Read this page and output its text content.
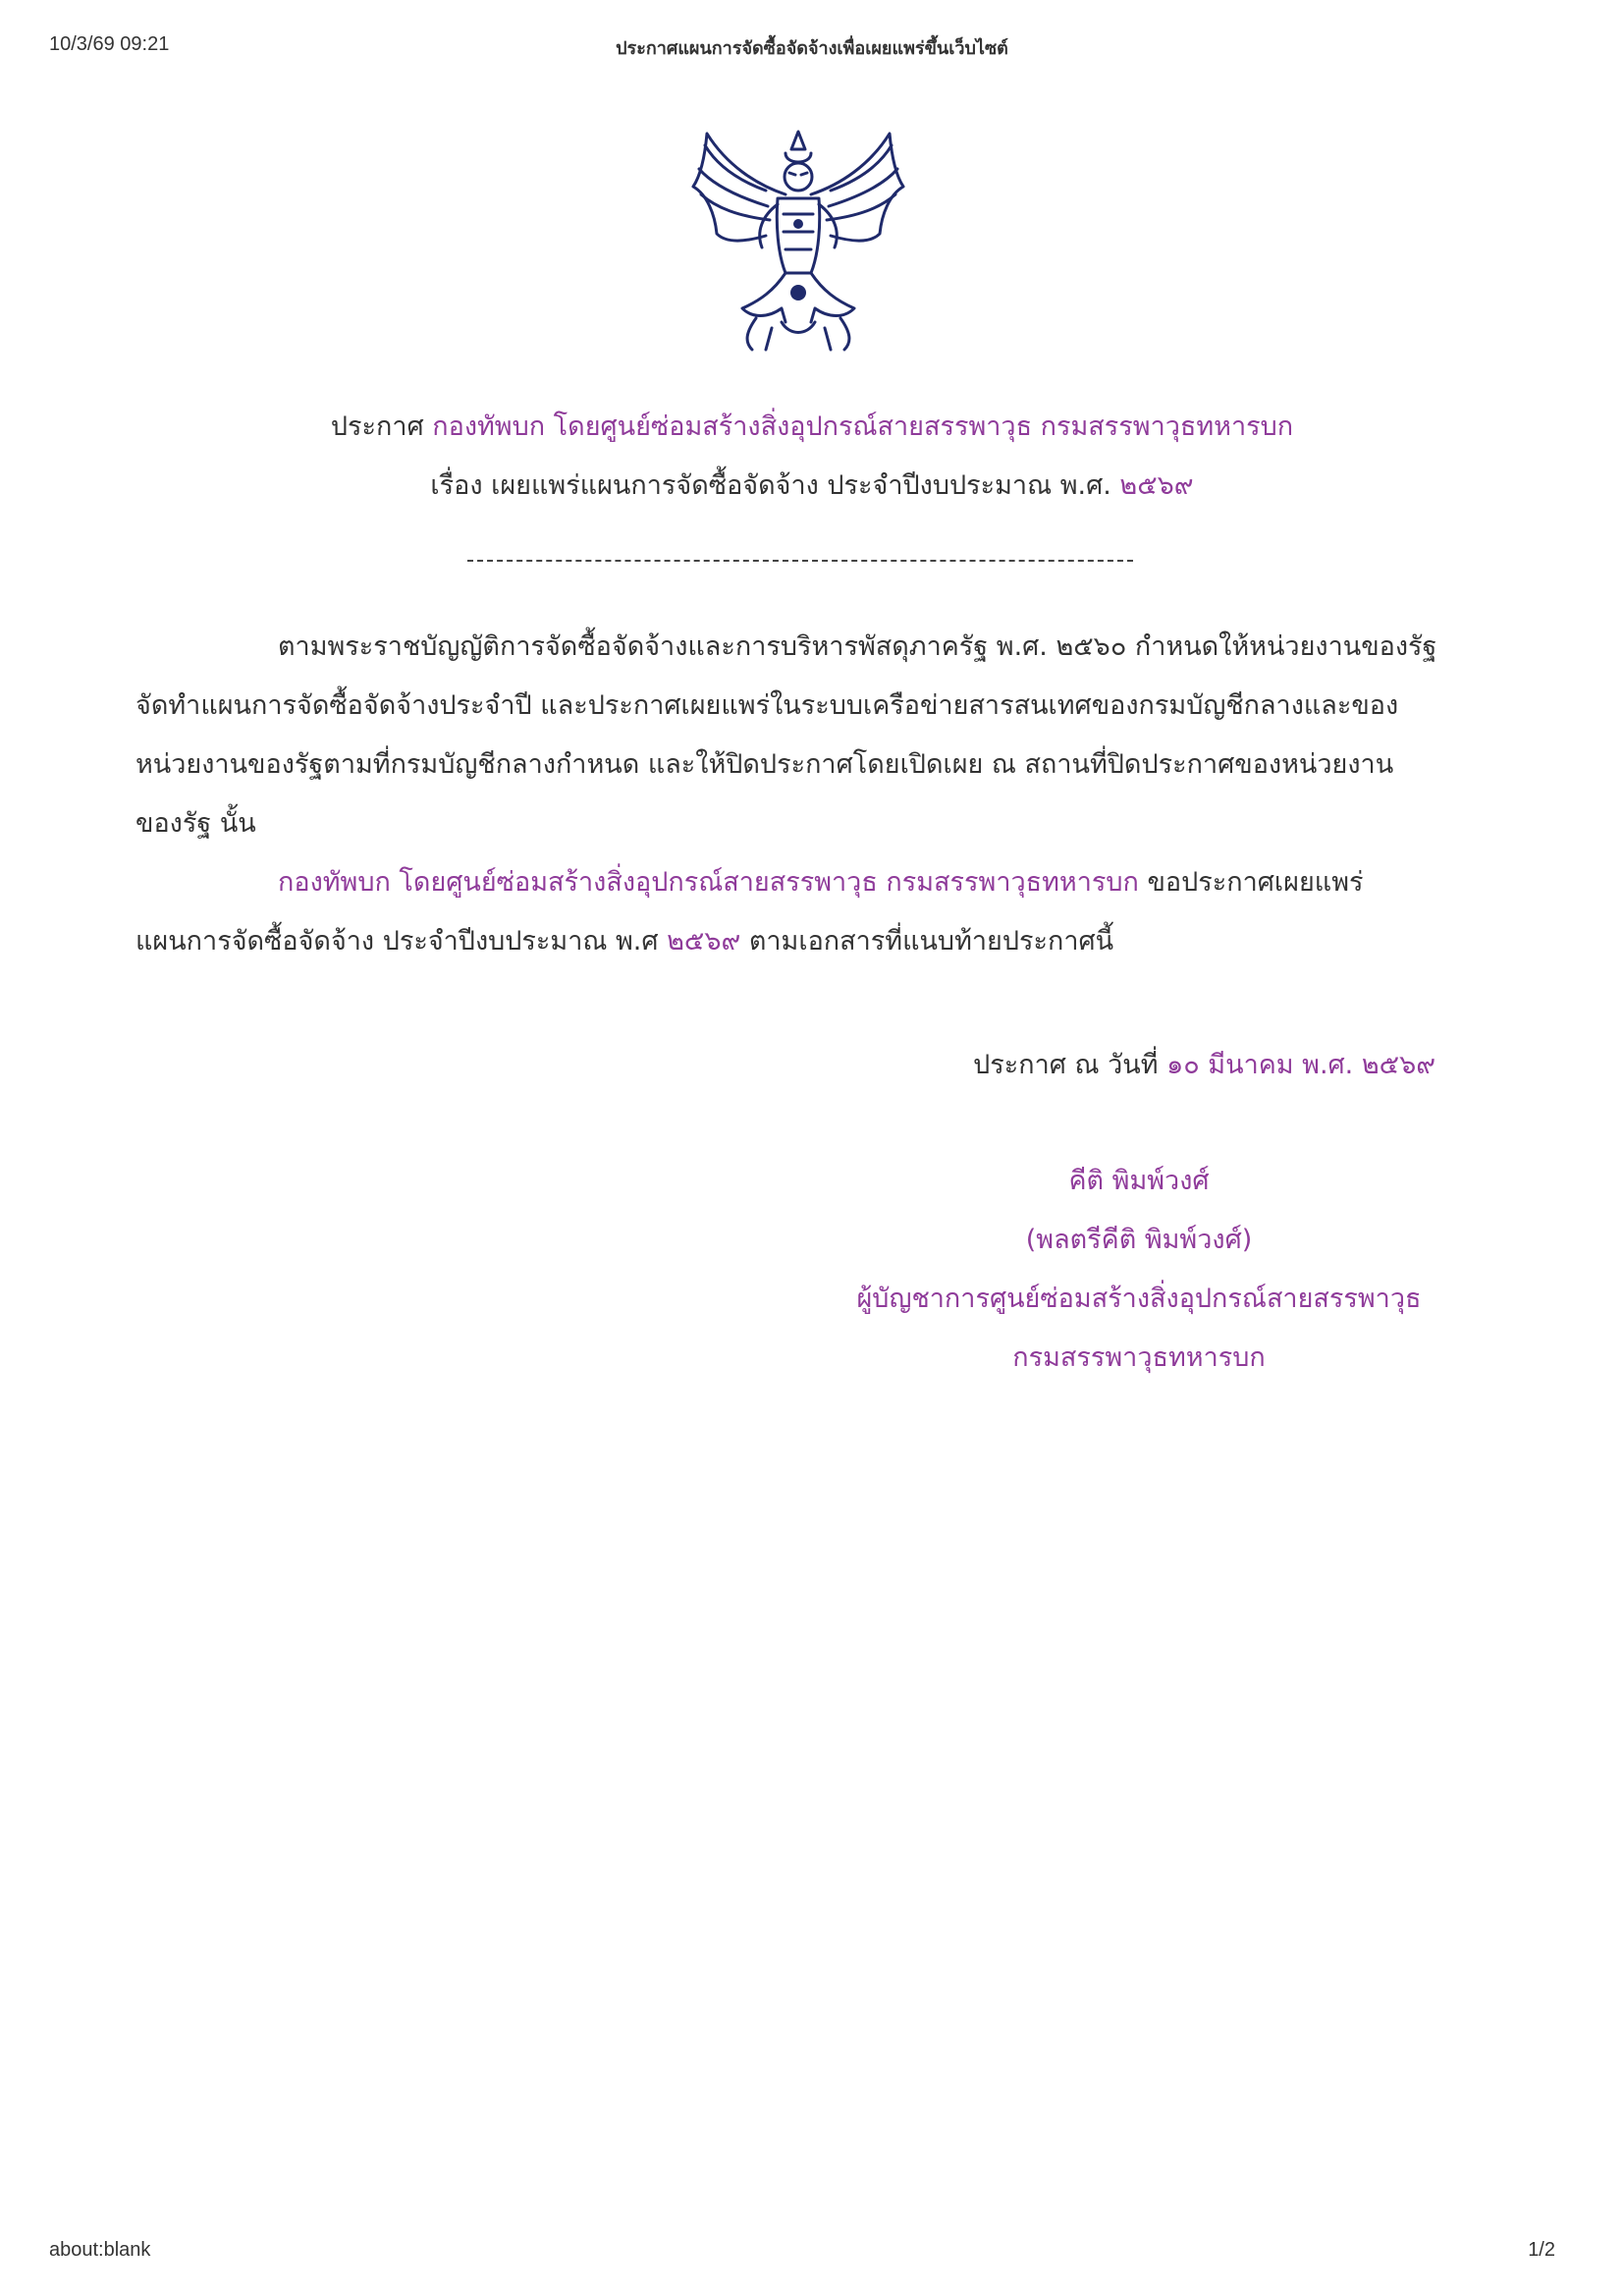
10/3/69 09:21	ประกาศแผนการจัดซื้อจัดจ้างเพื่อเผยแพร่ขึ้นเว็บไซต์
ประกาศ กองทัพบก โดยศูนย์ซ่อมสร้างสิ่งอุปกรณ์สายสรรพาวุธ กรมสรรพาวุธทหารบก
เรื่อง เผยแพร่แผนการจัดซื้อจัดจ้าง ประจำปีงบประมาณ พ.ศ. ๒๕๖๙
ตามพระราชบัญญัติการจัดซื้อจัดจ้างและการบริหารพัสดุภาครัฐ พ.ศ. ๒๕๖๐ กำหนดให้หน่วยงานของรัฐ
จัดทำแผนการจัดซื้อจัดจ้างประจำปี และประกาศเผยแพร่ในระบบเครือข่ายสารสนเทศของกรมบัญชีกลางและของ
หน่วยงานของรัฐตามที่กรมบัญชีกลางกำหนด และให้ปิดประกาศโดยเปิดเผย ณ สถานที่ปิดประกาศของหน่วยงาน
ของรัฐ นั้น
กองทัพบก โดยศูนย์ซ่อมสร้างสิ่งอุปกรณ์สายสรรพาวุธ กรมสรรพาวุธทหารบก ขอประกาศเผยแพร่
แผนการจัดซื้อจัดจ้าง ประจำปีงบประมาณ พ.ศ ๒๕๖๙ ตามเอกสารที่แนบท้ายประกาศนี้
ประกาศ ณ วันที่ ๑๐ มีนาคม พ.ศ. ๒๕๖๙
คีติ พิมพ์วงศ์
(พลตรีคีติ พิมพ์วงศ์)
ผู้บัญชาการศูนย์ซ่อมสร้างสิ่งอุปกรณ์สายสรรพาวุธ
กรมสรรพาวุธทหารบก
about:blank	1/2
